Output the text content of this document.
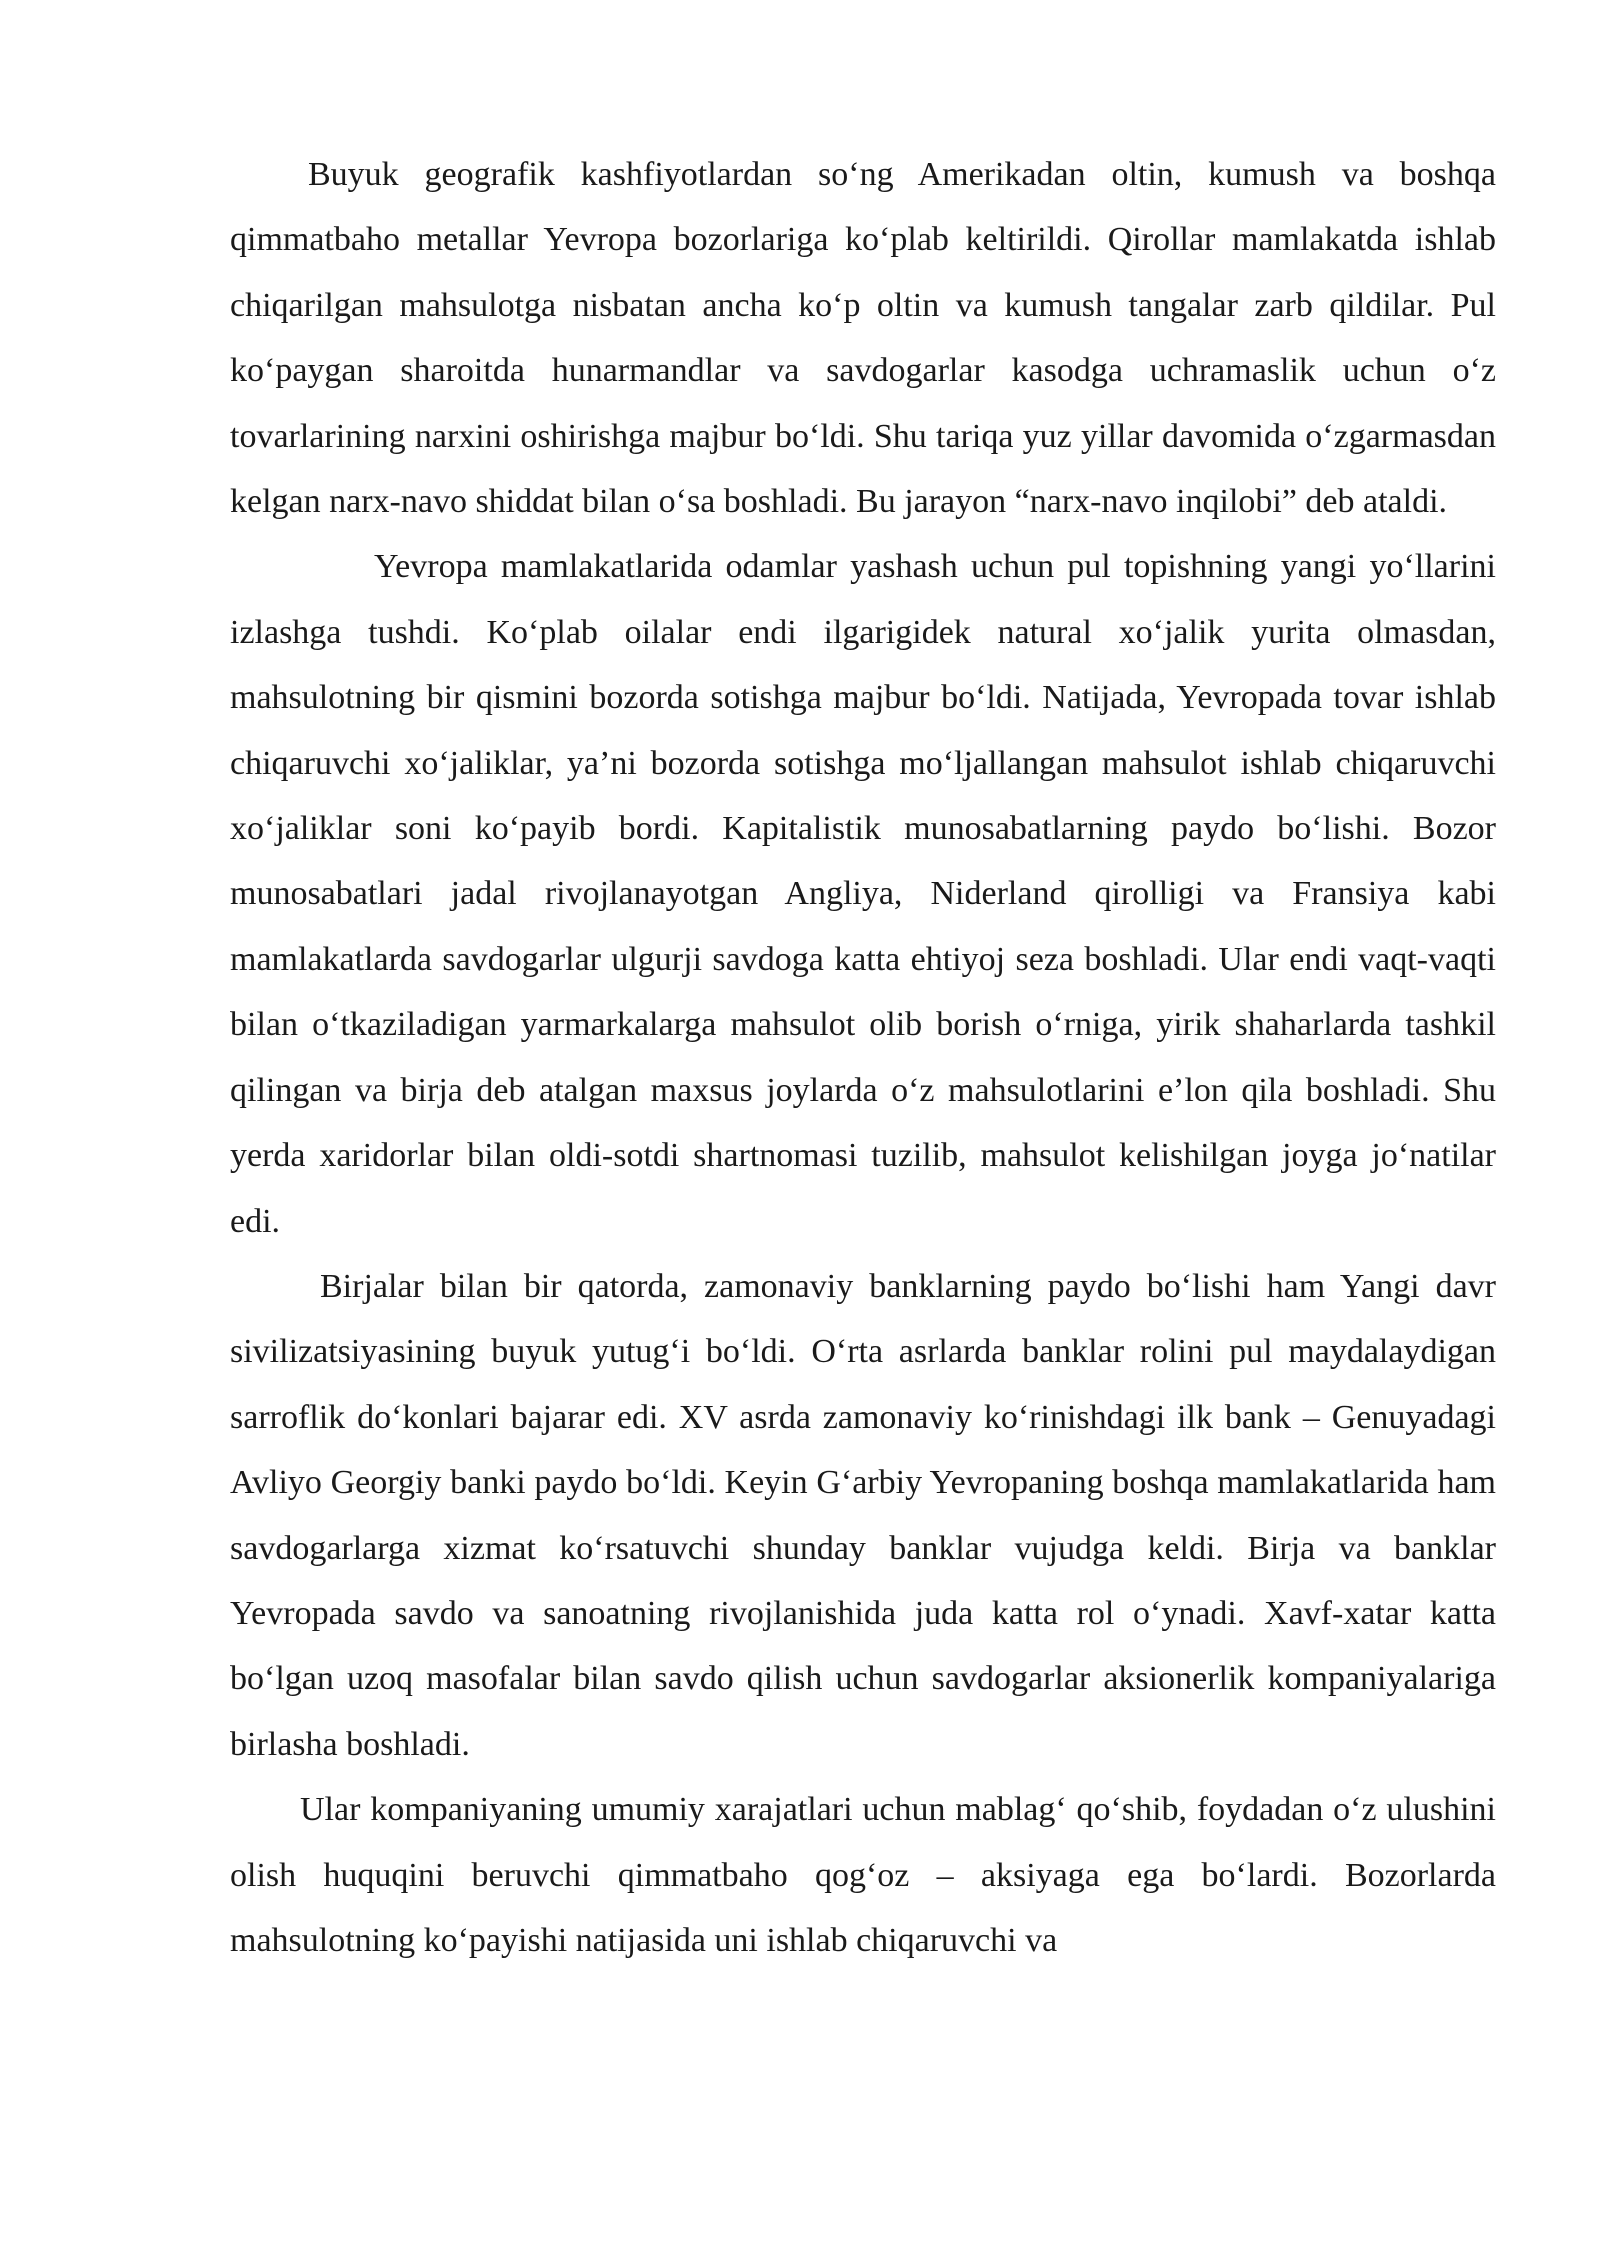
Buyuk geografik kashfiyotlardan so‘ng Amerikadan oltin, kumush va boshqa qimmatbaho metallar Yevropa bozorlariga ko‘plab keltirildi. Qirollar mamlakatda ishlab chiqarilgan mahsulotga nisbatan ancha ko‘p oltin va kumush tangalar zarb qildilar. Pul ko‘paygan sharoitda hunarmandlar va savdogarlar kasodga uchramaslik uchun o‘z tovarlarining narxini oshirishga majbur bo‘ldi. Shu tariqa yuz yillar davomida o‘zgarmasdan kelgan narx-navo shiddat bilan o‘sa boshladi. Bu jarayon “narx-navo inqilobi” deb ataldi.

Yevropa mamlakatlarida odamlar yashash uchun pul topishning yangi yo‘llarini izlashga tushdi. Ko‘plab oilalar endi ilgarigidek natural xo‘jalik yurita olmasdan, mahsulotning bir qismini bozorda sotishga majbur bo‘ldi. Natijada, Yevropada tovar ishlab chiqaruvchi xo‘jaliklar, ya’ni bozorda sotishga mo‘ljallangan mahsulot ishlab chiqaruvchi xo‘jaliklar soni ko‘payib bordi. Kapitalistik munosabatlarning paydo bo‘lishi. Bozor munosabatlari jadal rivojlanayotgan Angliya, Niderland qirolligi va Fransiya kabi mamlakatlarda savdogarlar ulgurji savdoga katta ehtiyoj seza boshladi. Ular endi vaqt-vaqti bilan o‘tkaziladigan yarmarkalarga mahsulot olib borish o‘rniga, yirik shaharlarda tashkil qilingan va birja deb atalgan maxsus joylarda o‘z mahsulotlarini e’lon qila boshladi. Shu yerda xaridorlar bilan oldi-sotdi shartnomasi tuzilib, mahsulot kelishilgan joyga jo‘natilar edi.

Birjalar bilan bir qatorda, zamonaviy banklarning paydo bo‘lishi ham Yangi davr sivilizatsiyasining buyuk yutug‘i bo‘ldi. O‘rta asrlarda banklar rolini pul maydalaydigan sarroflik do‘konlari bajarar edi. XV asrda zamonaviy ko‘rinishdagi ilk bank – Genuyadagi Avliyo Georgiy banki paydo bo‘ldi. Keyin G‘arbiy Yevropaning boshqa mamlakatlarida ham savdogarlarga xizmat ko‘rsatuvchi shunday banklar vujudga keldi. Birja va banklar Yevropada savdo va sanoatning rivojlanishida juda katta rol o‘ynadi. Xavf-xatar katta bo‘lgan uzoq masofalar bilan savdo qilish uchun savdogarlar aksionerlik kompaniyalariga birlasha boshladi.

Ular kompaniyaning umumiy xarajatlari uchun mablag‘ qo‘shib, foydadan o‘z ulushini olish huquqini beruvchi qimmatbaho qog‘oz – aksiyaga ega bo‘lardi. Bozorlarda mahsulotning ko‘payishi natijasida uni ishlab chiqaruvchi va
